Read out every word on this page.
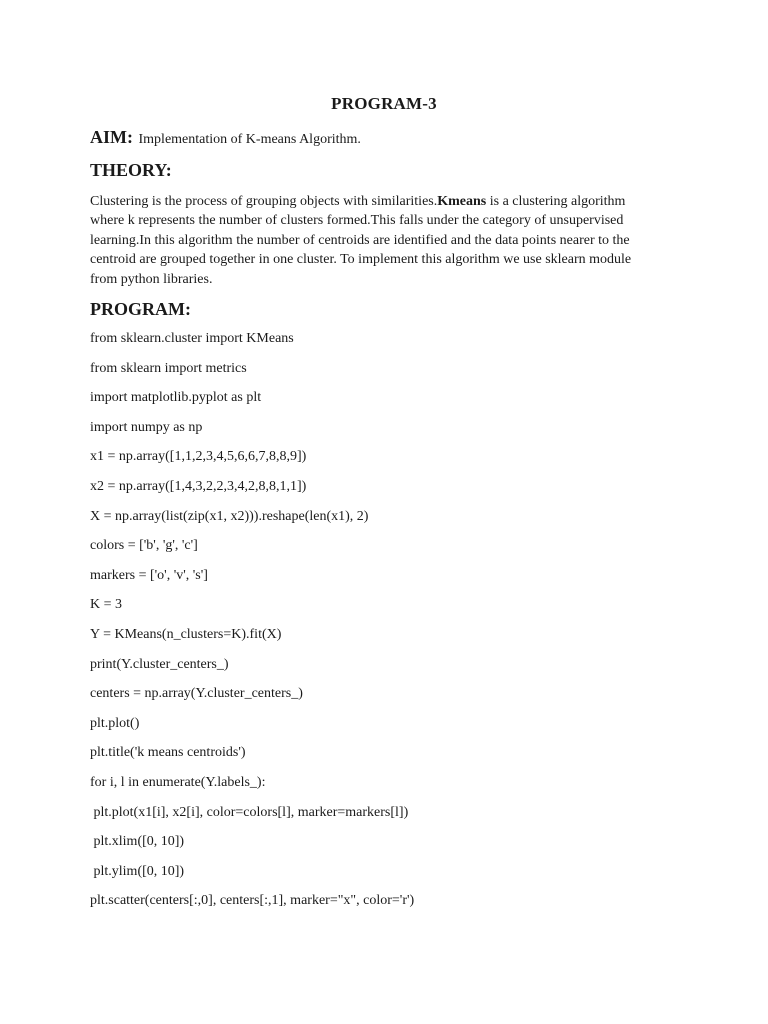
PROGRAM-3
AIM: Implementation of K-means Algorithm.
THEORY:
Clustering is the process of grouping objects with similarities.Kmeans is a clustering algorithm
where k represents the number of clusters formed.This falls under the category of unsupervised
learning.In this algorithm the number of centroids are identified and the data points nearer to the
centroid are grouped together in one cluster. To implement this algorithm we use sklearn module
from python libraries.
PROGRAM:
from sklearn.cluster import KMeans
from sklearn import metrics
import matplotlib.pyplot as plt
import numpy as np
x1 = np.array([1,1,2,3,4,5,6,6,7,8,8,9])
x2 = np.array([1,4,3,2,2,3,4,2,8,8,1,1])
X = np.array(list(zip(x1, x2))).reshape(len(x1), 2)
colors = ['b', 'g', 'c']
markers = ['o', 'v', 's']
K = 3
Y = KMeans(n_clusters=K).fit(X)
print(Y.cluster_centers_)
centers = np.array(Y.cluster_centers_)
plt.plot()
plt.title('k means centroids')
for i, l in enumerate(Y.labels_):
plt.plot(x1[i], x2[i], color=colors[l], marker=markers[l])
plt.xlim([0, 10])
plt.ylim([0, 10])
plt.scatter(centers[:,0], centers[:,1], marker="x", color='r')
